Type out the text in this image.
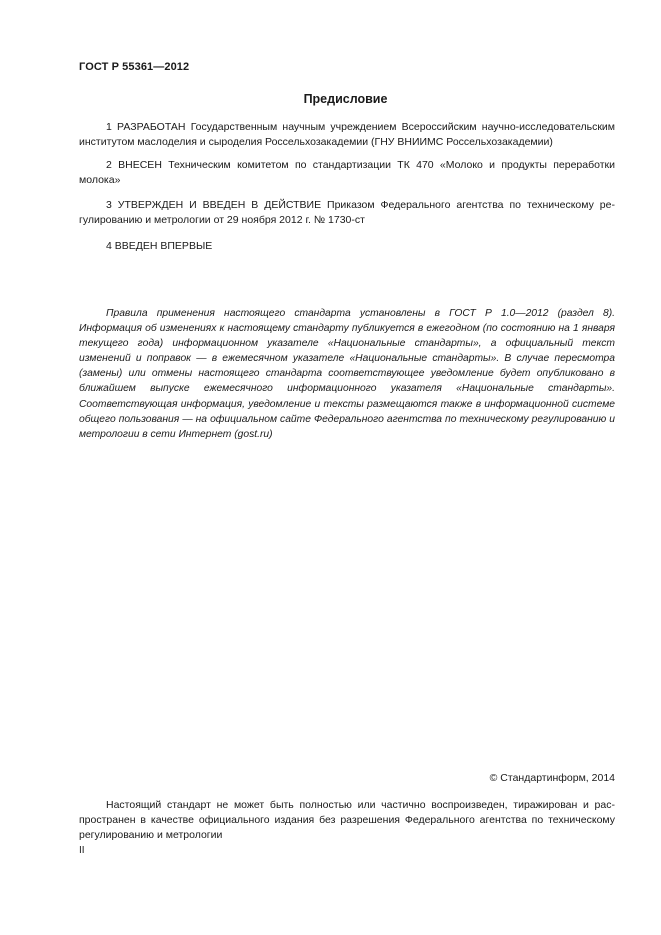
ГОСТ Р 55361—2012
Предисловие

1 РАЗРАБОТАН Государственным научным учреждением Всероссийским научно-исследовательским институтом маслоделия и сыроделия Россельхозакадемии (ГНУ ВНИИМС Россельхозакадемии)

2 ВНЕСЕН Техническим комитетом по стандартизации ТК 470 «Молоко и продукты переработки молока»

3 УТВЕРЖДЕН И ВВЕДЕН В ДЕЙСТВИЕ Приказом Федерального агентства по техническому регулированию и метрологии от 29 ноября 2012 г. № 1730-ст

4 ВВЕДЕН ВПЕРВЫЕ

Правила применения настоящего стандарта установлены в ГОСТ Р 1.0—2012 (раздел 8). Информация об изменениях к настоящему стандарту публикуется в ежегодном (по состоянию на 1 января текущего года) информационном указателе «Национальные стандарты», а официальный текст изменений и поправок — в ежемесячном указателе «Национальные стандарты». В случае пересмотра (замены) или отмены настоящего стандарта соответствующее уведомление будет опубликовано в ближайшем выпуске ежемесячного информационного указателя «Национальные стандарты». Соответствующая информация, уведомление и тексты размещаются также в информационной системе общего пользования — на официальном сайте Федерального агентства по техническому регулированию и метрологии в сети Интернет (gost.ru)

© Стандартинформ, 2014

Настоящий стандарт не может быть полностью или частично воспроизведен, тиражирован и распространен в качестве официального издания без разрешения Федерального агентства по техническому регулированию и метрологии

II
